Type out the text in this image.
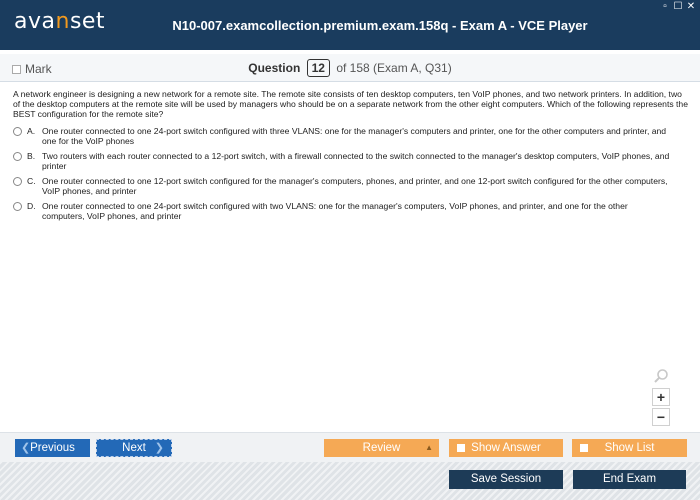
avanset	N10-007.examcollection.premium.exam.158q - Exam A - VCE Player
▫ ☐ ✕
Mark	Question 12 of 158 (Exam A, Q31)
A network engineer is designing a new network for a remote site. The remote site consists of ten desktop computers, ten VoIP phones, and two network printers. In addition, two of the desktop computers at the remote site will be used by managers who should be on a separate network from the other eight computers. Which of the following represents the BEST configuration for the remote site?
A. One router connected to one 24-port switch configured with three VLANS: one for the manager's computers and printer, one for the other computers and printer, and one for the VoIP phones
B. Two routers with each router connected to a 12-port switch, with a firewall connected to the switch connected to the manager's desktop computers, VoIP phones, and printer
C. One router connected to one 12-port switch configured for the manager's computers, phones, and printer, and one 12-port switch configured for the other computers, VoIP phones, and printer
D. One router connected to one 24-port switch configured with two VLANS: one for the manager's computers, VoIP phones, and printer, and one for the other computers, VoIP phones, and printer
+
−
❮ Previous	Next ❯	Review	▲	Show Answer	Show List
Save Session	End Exam
